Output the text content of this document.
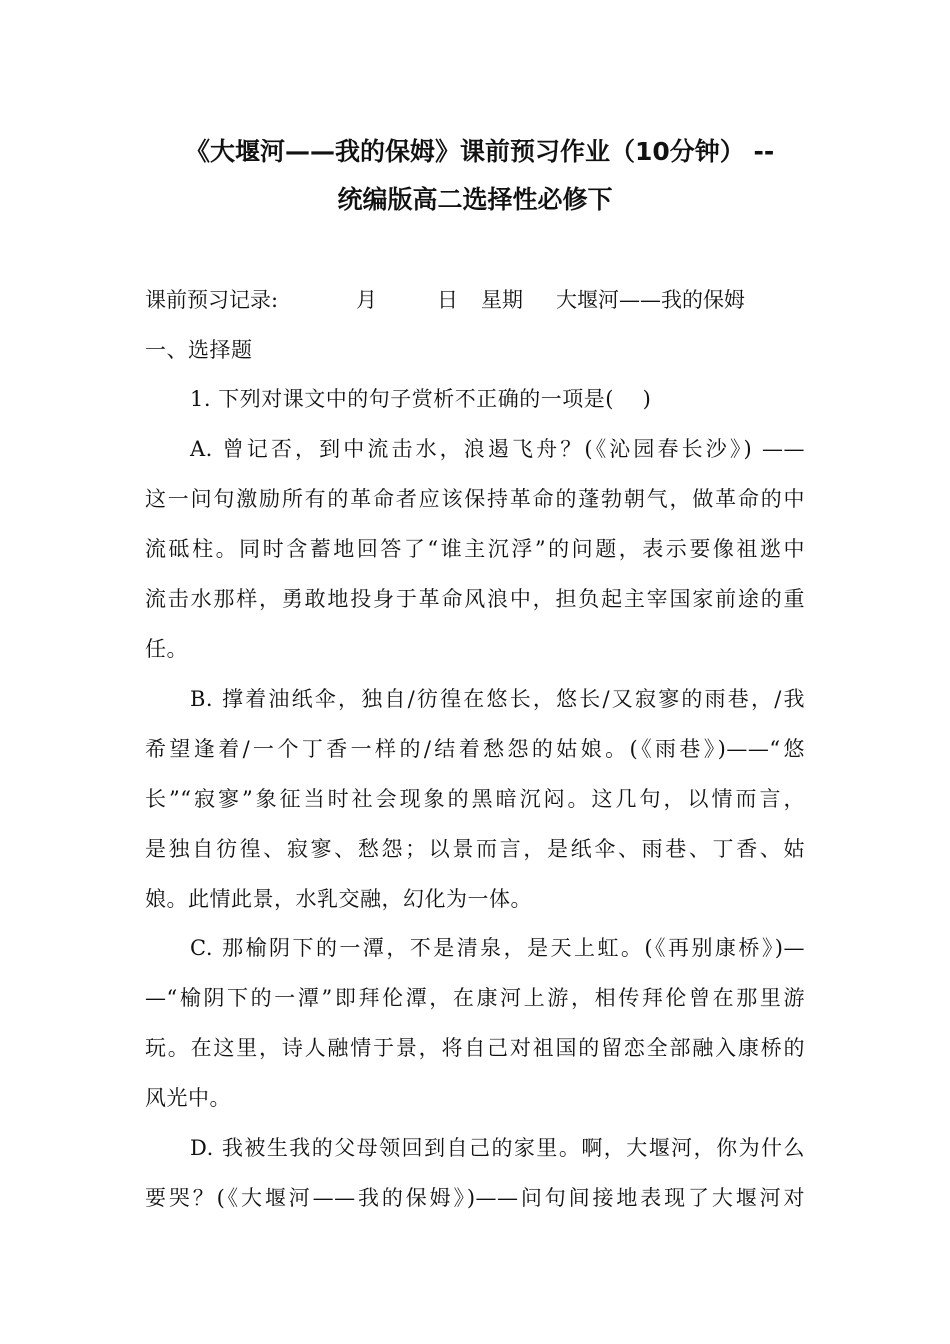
《大堰河——我的保姆》课前预习作业（10分钟） --
统编版高二选择性必修下
课前预习记录:	月	日 星期 大堰河——我的保姆
一、选择题
1. 下列对课文中的句子赏析不正确的一项是(　 )
A. 曾记否，到中流击水，浪遏飞舟？(《沁园春长沙》) ——
这一问句激励所有的革命者应该保持革命的蓬勃朝气，做革命的中
流砥柱。同时含蓄地回答了“谁主沉浮”的问题，表示要像祖逖中
流击水那样，勇敢地投身于革命风浪中，担负起主宰国家前途的重
任。
B. 撑着油纸伞，独自/彷徨在悠长，悠长/又寂寥的雨巷，/我
希望逢着/一个丁香一样的/结着愁怨的姑娘。(《雨巷》)——“悠
长”“寂寥”象征当时社会现象的黑暗沉闷。这几句，以情而言，
是独自彷徨、寂寥、愁怨；以景而言，是纸伞、雨巷、丁香、姑
娘。此情此景，水乳交融，幻化为一体。
C. 那榆阴下的一潭，不是清泉，是天上虹。(《再别康桥》)—
—“榆阴下的一潭”即拜伦潭，在康河上游，相传拜伦曾在那里游
玩。在这里，诗人融情于景，将自己对祖国的留恋全部融入康桥的
风光中。
D. 我被生我的父母领回到自己的家里。啊，大堰河，你为什么
要哭？(《大堰河——我的保姆》)——问句间接地表现了大堰河对
